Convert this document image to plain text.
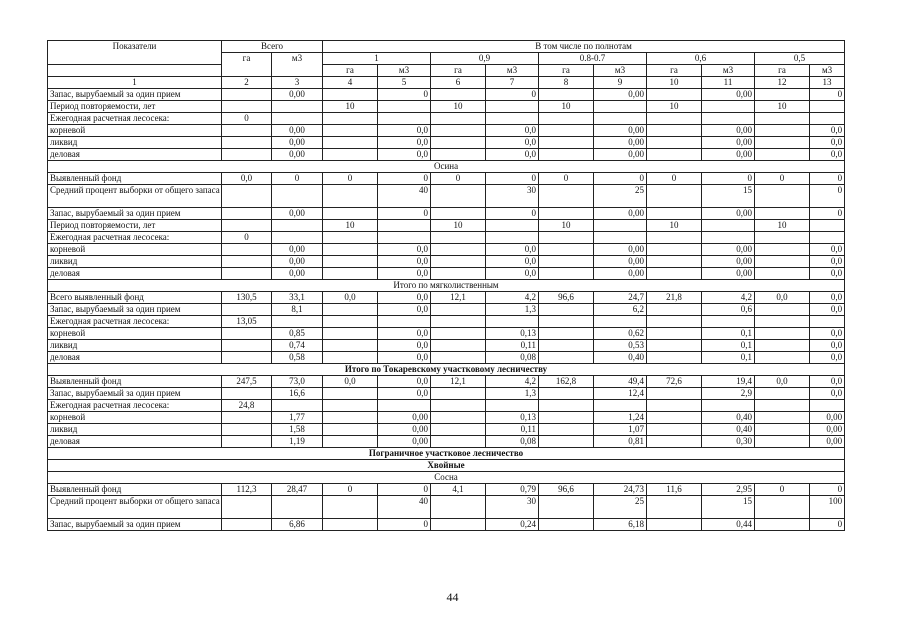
Показатели	Всего		В том числе по полнотам									
	га	м3	1		0,9		0.8-0.7		0,6		0,5	
			га	м3	га	м3	га	м3	га	м3	га	м3
1	2	3	4	5	6	7	8	9	10	11	12	13
Запас, вырубаемый за один прием		0,00		0		0		0,00		0,00		0
Период повторяемости, лет			10		10		10		10		10	
Ежегодная расчетная лесосека:	0											
корневой		0,00		0,0		0,0		0,00		0,00		0,0
ликвид		0,00		0,0		0,0		0,00		0,00		0,0
деловая		0,00		0,0		0,0		0,00		0,00		0,0
Осина												
Выявленный фонд	0,0	0	0	0	0	0	0	0	0	0	0	0
Средний процент выборки от общего запаса				40		30		25		15		0
Запас, вырубаемый за один прием		0,00		0		0		0,00		0,00		0
Период повторяемости, лет			10		10		10		10		10	
Ежегодная расчетная лесосека:	0											
корневой		0,00		0,0		0,0		0,00		0,00		0,0
ликвид		0,00		0,0		0,0		0,00		0,00		0,0
деловая		0,00		0,0		0,0		0,00		0,00		0,0
Итого по мягколиственным												
Всего выявленный фонд	130,5	33,1	0,0	0,0	12,1	4,2	96,6	24,7	21,8	4,2	0,0	0,0
Запас, вырубаемый за один прием		8,1		0,0		1,3		6,2		0,6		0,0
Ежегодная расчетная лесосека:	13,05											
корневой		0,85		0,0		0,13		0,62		0,1		0,0
ликвид		0,74		0,0		0,11		0,53		0,1		0,0
деловая		0,58		0,0		0,08		0,40		0,1		0,0
Итого по Токаревскому участковому лесничеству												
Выявленный фонд	247,5	73,0	0,0	0,0	12,1	4,2	162,8	49,4	72,6	19,4	0,0	0,0
Запас, вырубаемый за один прием		16,6		0,0		1,3		12,4		2,9		0,0
Ежегодная расчетная лесосека:	24,8											
корневой		1,77		0,00		0,13		1,24		0,40		0,00
ликвид		1,58		0,00		0,11		1,07		0,40		0,00
деловая		1,19		0,00		0,08		0,81		0,30		0,00
Пограничное участковое лесничество												
Хвойные												
Сосна												
Выявленный фонд	112,3	28,47	0	0	4,1	0,79	96,6	24,73	11,6	2,95	0	0
Средний процент выборки от общего запаса				40		30		25		15		100
Запас, вырубаемый за один прием		6,86		0		0,24		6,18		0,44		0
44
